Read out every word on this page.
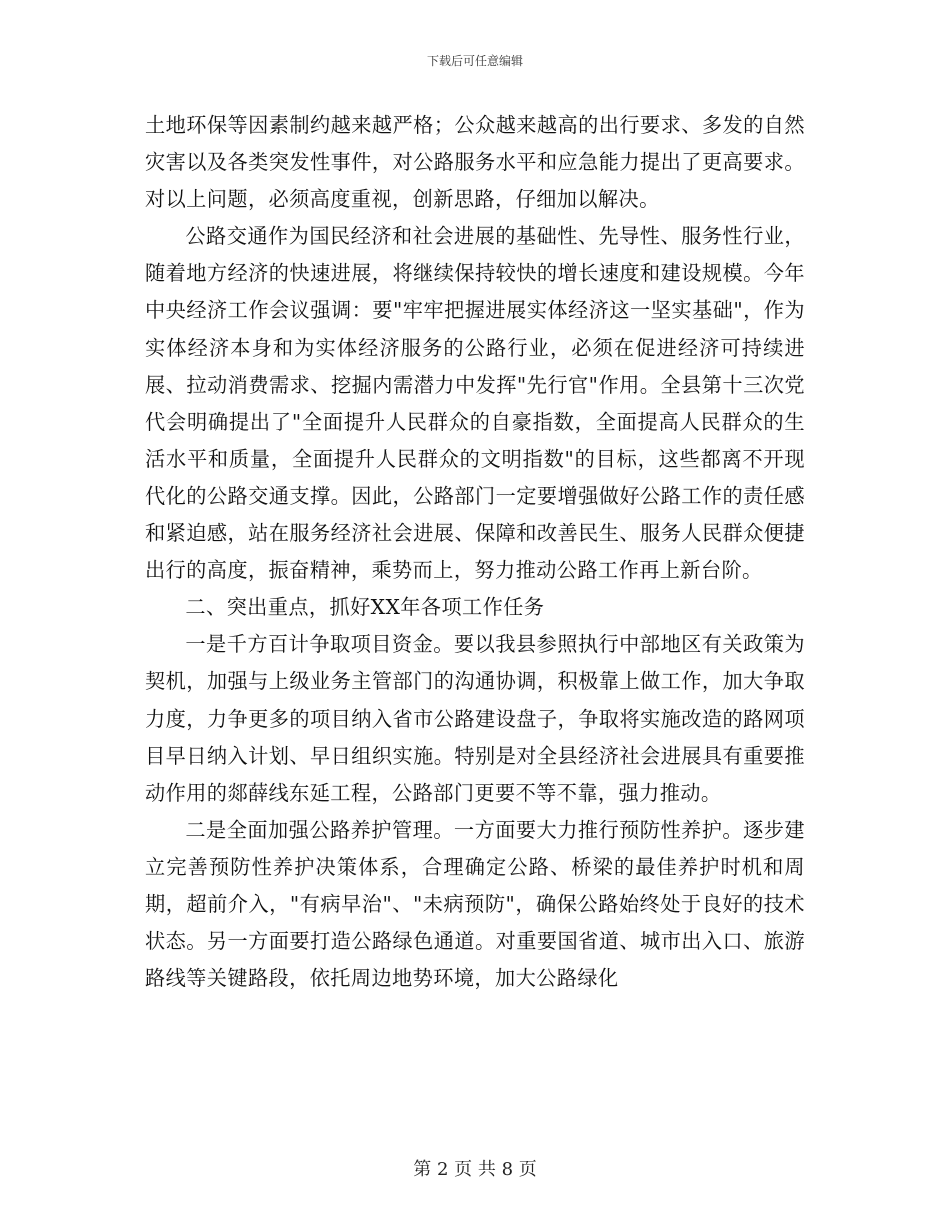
下载后可任意编辑

土地环保等因素制约越来越严格；公众越来越高的出行要求、多发的自然灾害以及各类突发性事件，对公路服务水平和应急能力提出了更高要求。对以上问题，必须高度重视，创新思路，仔细加以解决。

公路交通作为国民经济和社会进展的基础性、先导性、服务性行业，随着地方经济的快速进展，将继续保持较快的增长速度和建设规模。今年中央经济工作会议强调：要"牢牢把握进展实体经济这一坚实基础"，作为实体经济本身和为实体经济服务的公路行业，必须在促进经济可持续进展、拉动消费需求、挖掘内需潜力中发挥"先行官"作用。全县第十三次党代会明确提出了"全面提升人民群众的自豪指数，全面提高人民群众的生活水平和质量，全面提升人民群众的文明指数"的目标，这些都离不开现代化的公路交通支撑。因此，公路部门一定要增强做好公路工作的责任感和紧迫感，站在服务经济社会进展、保障和改善民生、服务人民群众便捷出行的高度，振奋精神，乘势而上，努力推动公路工作再上新台阶。

二、突出重点，抓好XX年各项工作任务

一是千方百计争取项目资金。要以我县参照执行中部地区有关政策为契机，加强与上级业务主管部门的沟通协调，积极靠上做工作，加大争取力度，力争更多的项目纳入省市公路建设盘子，争取将实施改造的路网项目早日纳入计划、早日组织实施。特别是对全县经济社会进展具有重要推动作用的郯薛线东延工程，公路部门更要不等不靠，强力推动。

二是全面加强公路养护管理。一方面要大力推行预防性养护。逐步建立完善预防性养护决策体系，合理确定公路、桥梁的最佳养护时机和周期，超前介入，"有病早治"、"未病预防"，确保公路始终处于良好的技术状态。另一方面要打造公路绿色通道。对重要国省道、城市出入口、旅游路线等关键路段，依托周边地势环境，加大公路绿化

第 2 页 共 8 页
